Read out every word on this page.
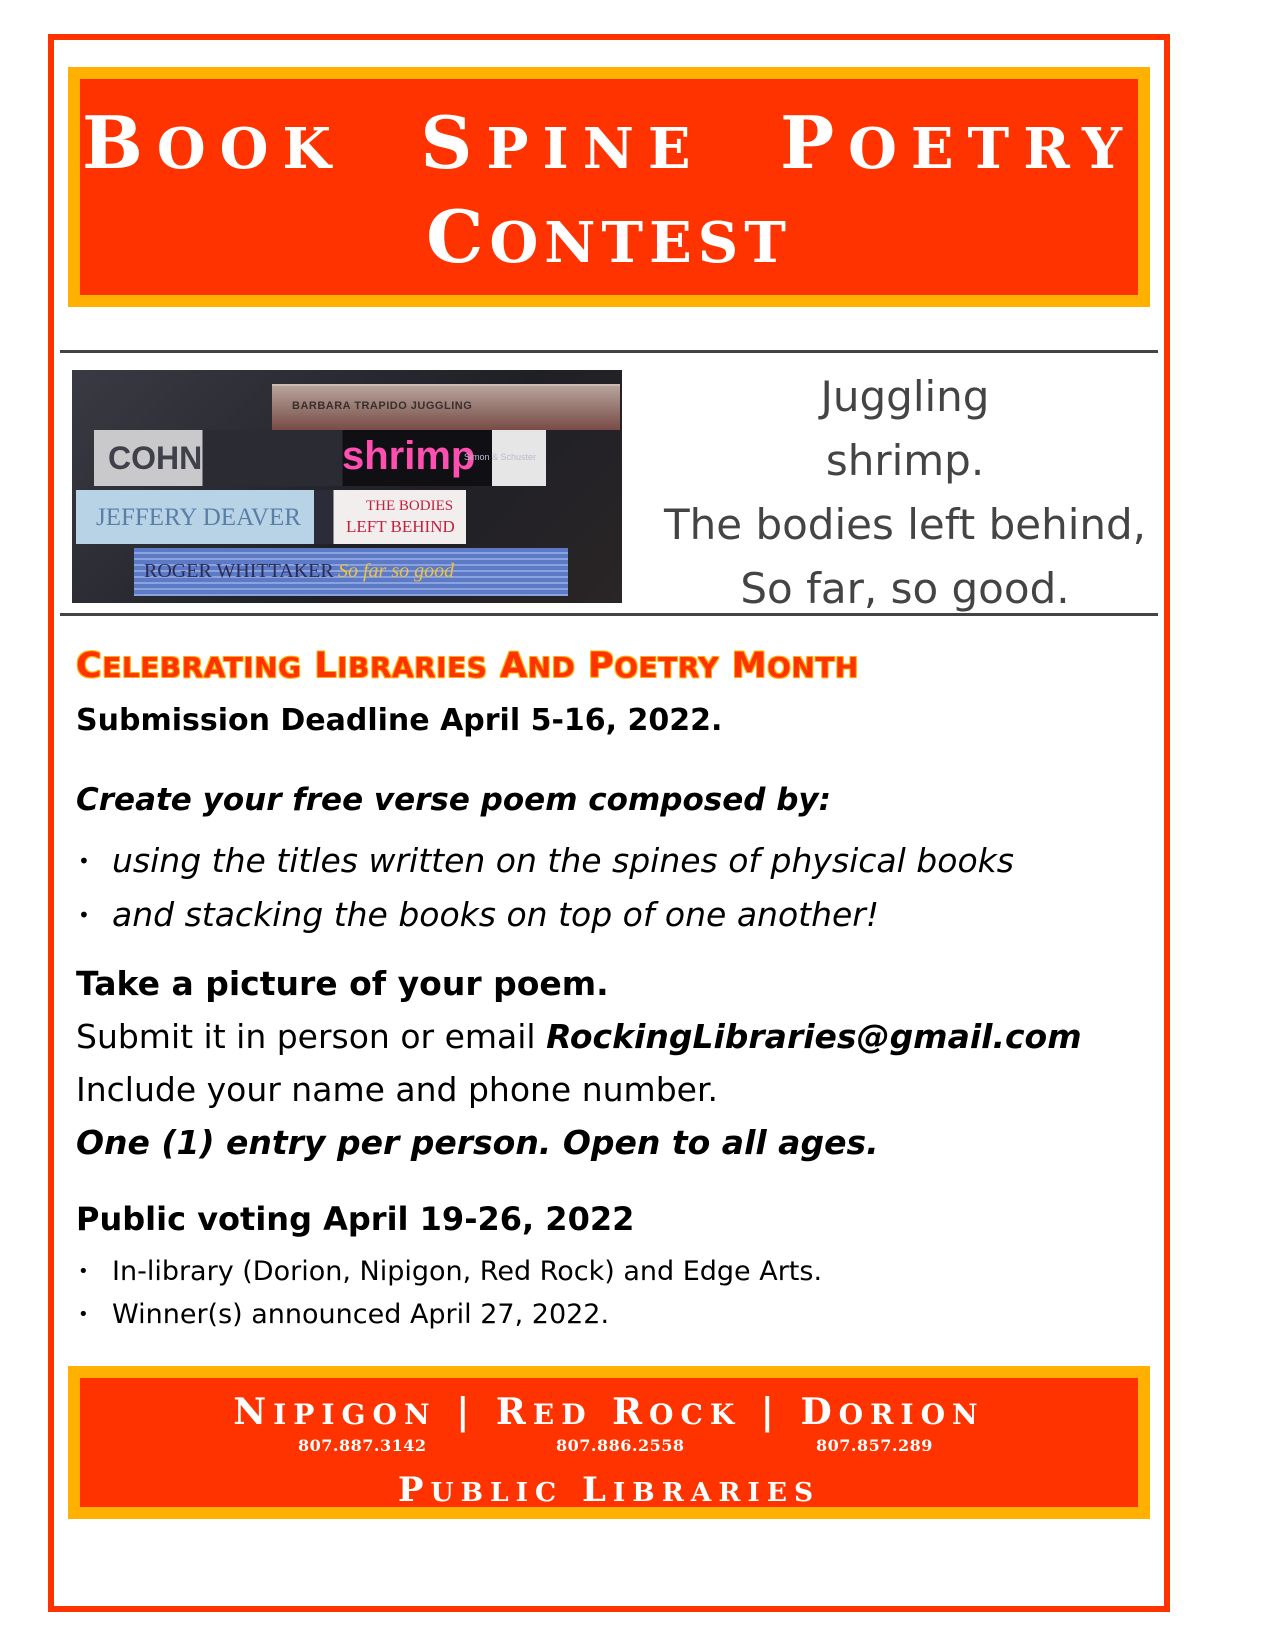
BOOK SPINE POETRY
CONTEST
BARBARA TRAPIDO JUGGLING
COHN	shrimp
Simon & Schuster
JEFFERY DEAVER	THE BODIES
LEFT BEHIND
ROGER WHITTAKER So far so good
Juggling
shrimp.
The bodies left behind,
So far, so good.
CELEBRATING LIBRARIES AND POETRY MONTH
Submission Deadline April 5-16, 2022.
Create your free verse poem composed by:
• using the titles written on the spines of physical books
• and stacking the books on top of one another!
Take a picture of your poem.
Submit it in person or email RockingLibraries@gmail.com
Include your name and phone number.
One (1) entry per person. Open to all ages.
Public voting April 19-26, 2022
• In-library (Dorion, Nipigon, Red Rock) and Edge Arts.
• Winner(s) announced April 27, 2022.
NIPIGON | RED ROCK | DORION
807.887.3142	807.886.2558	807.857.289
PUBLIC LIBRARIES
